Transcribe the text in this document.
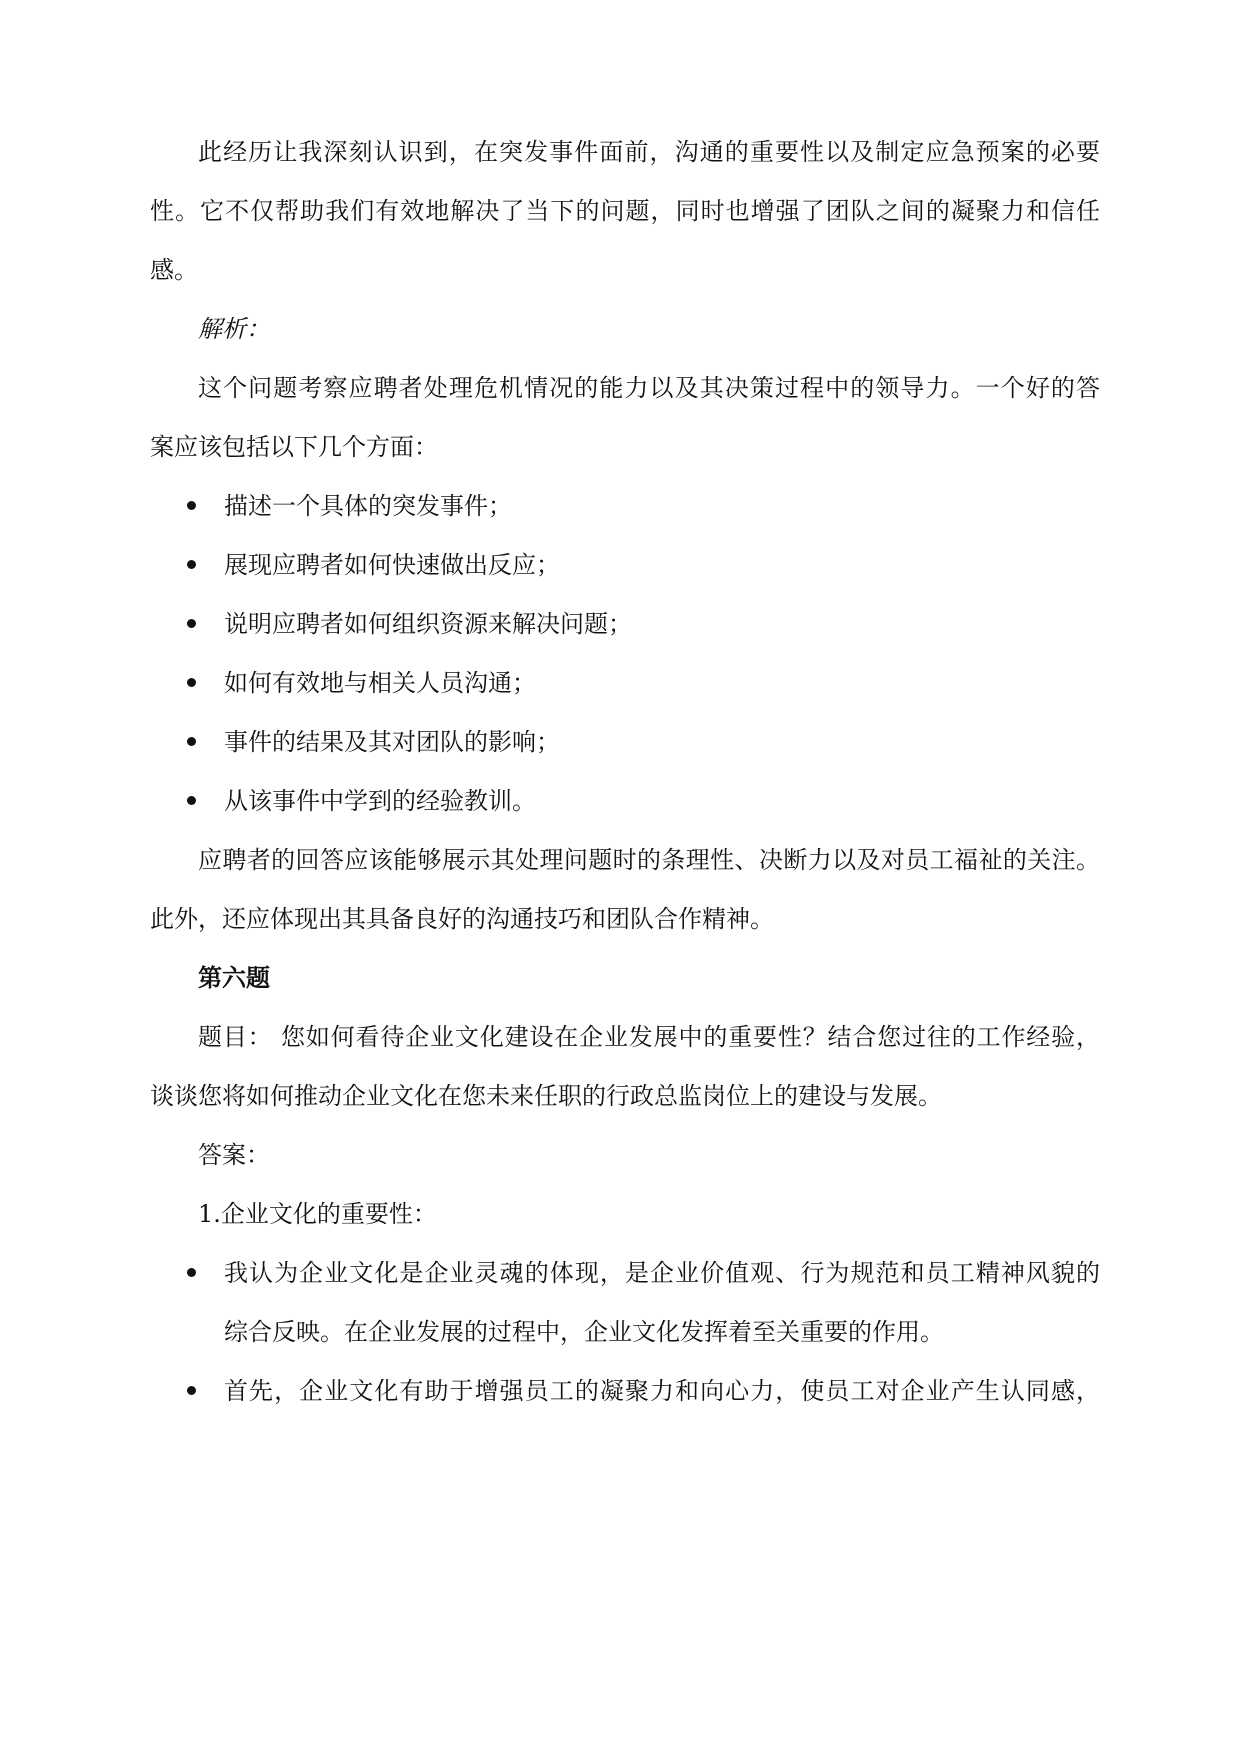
此经历让我深刻认识到，在突发事件面前，沟通的重要性以及制定应急预案的必要
性。它不仅帮助我们有效地解决了当下的问题，同时也增强了团队之间的凝聚力和信任
感。
解析：
这个问题考察应聘者处理危机情况的能力以及其决策过程中的领导力。一个好的答
案应该包括以下几个方面：
描述一个具体的突发事件；
展现应聘者如何快速做出反应；
说明应聘者如何组织资源来解决问题；
如何有效地与相关人员沟通；
事件的结果及其对团队的影响；
从该事件中学到的经验教训。
应聘者的回答应该能够展示其处理问题时的条理性、决断力以及对员工福祉的关注。
此外，还应体现出其具备良好的沟通技巧和团队合作精神。
第六题
题目： 您如何看待企业文化建设在企业发展中的重要性？结合您过往的工作经验，
谈谈您将如何推动企业文化在您未来任职的行政总监岗位上的建设与发展。
答案：
1.企业文化的重要性：
我认为企业文化是企业灵魂的体现，是企业价值观、行为规范和员工精神风貌的
综合反映。在企业发展的过程中，企业文化发挥着至关重要的作用。
首先，企业文化有助于增强员工的凝聚力和向心力，使员工对企业产生认同感，
